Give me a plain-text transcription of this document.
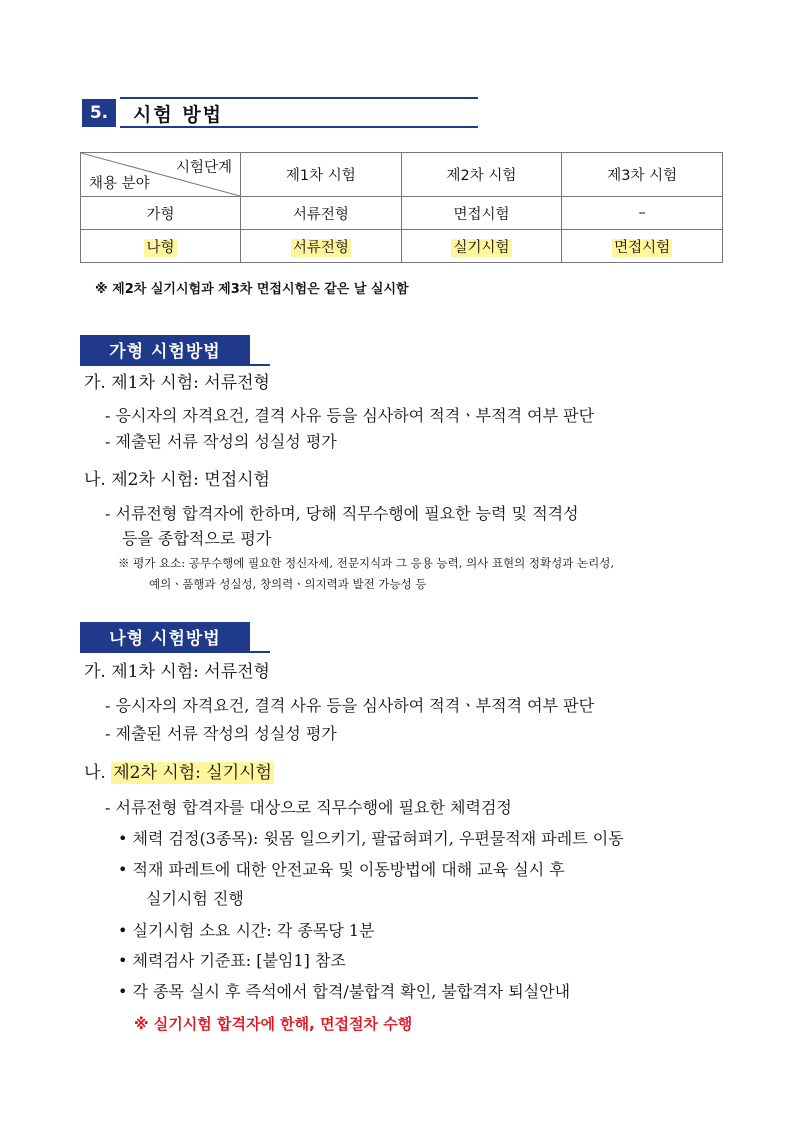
5.	시험 방법
시험단계
채용 분야	제1차 시험	제2차 시험	제3차 시험
가형	서류전형	면접시험	–
나형	서류전형	실기시험	면접시험
※ 제2차 실기시험과 제3차 면접시험은 같은 날 실시함
가형 시험방법
가. 제1차 시험: 서류전형
- 응시자의 자격요건, 결격 사유 등을 심사하여 적격ㆍ부적격 여부 판단
- 제출된 서류 작성의 성실성 평가
나. 제2차 시험: 면접시험
- 서류전형 합격자에 한하며, 당해 직무수행에 필요한 능력 및 적격성
등을 종합적으로 평가
※ 평가 요소: 공무수행에 필요한 정신자세, 전문지식과 그 응용 능력, 의사 표현의 정확성과 논리성,
예의ㆍ품행과 성실성, 창의력ㆍ의지력과 발전 가능성 등
나형 시험방법
가. 제1차 시험: 서류전형
- 응시자의 자격요건, 결격 사유 등을 심사하여 적격ㆍ부적격 여부 판단
- 제출된 서류 작성의 성실성 평가
나. 제2차 시험: 실기시험
- 서류전형 합격자를 대상으로 직무수행에 필요한 체력검정
• 체력 검정(3종목): 윗몸 일으키기, 팔굽혀펴기, 우편물적재 파레트 이동
• 적재 파레트에 대한 안전교육 및 이동방법에 대해 교육 실시 후
실기시험 진행
• 실기시험 소요 시간: 각 종목당 1분
• 체력검사 기준표: [붙임1] 참조
• 각 종목 실시 후 즉석에서 합격/불합격 확인, 불합격자 퇴실안내
※ 실기시험 합격자에 한해, 면접절차 수행
